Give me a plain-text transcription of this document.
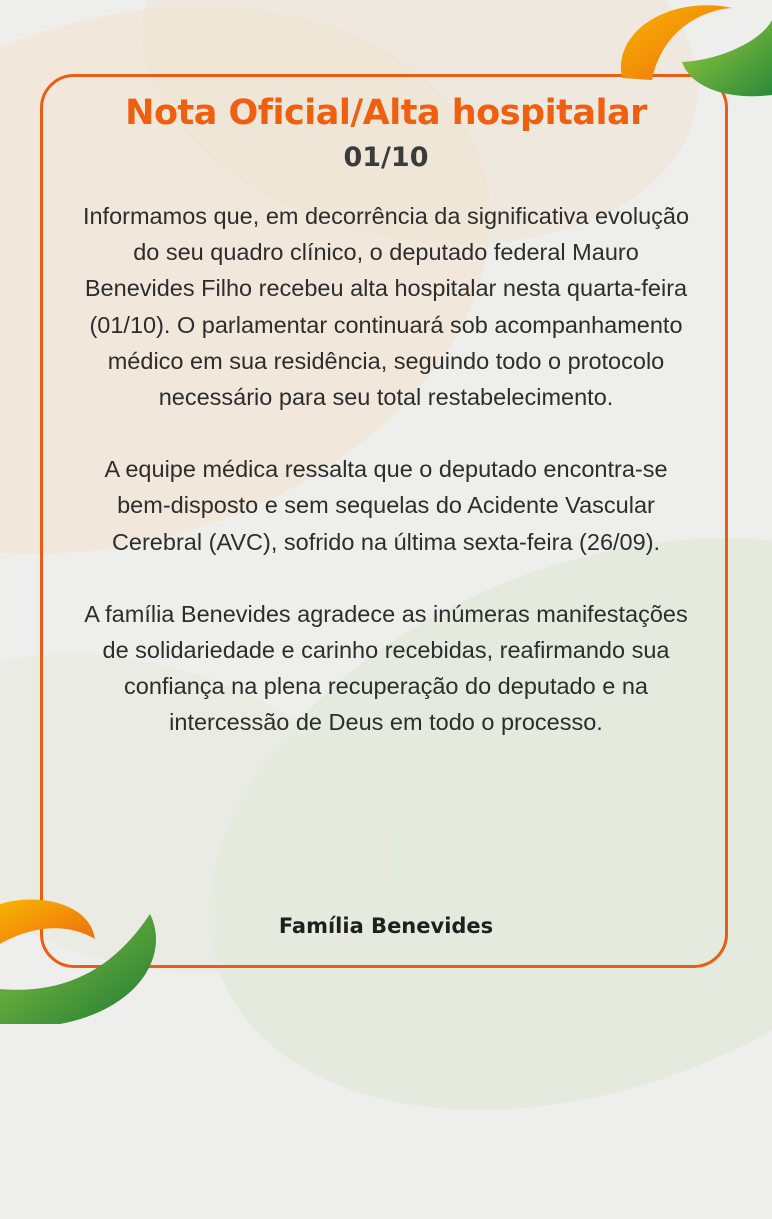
Nota Oficial/Alta hospitalar
01/10

Informamos que, em decorrência da significativa evolução do seu quadro clínico, o deputado federal Mauro Benevides Filho recebeu alta hospitalar nesta quarta-feira (01/10). O parlamentar continuará sob acompanhamento médico em sua residência, seguindo todo o protocolo necessário para seu total restabelecimento.

A equipe médica ressalta que o deputado encontra-se bem-disposto e sem sequelas do Acidente Vascular Cerebral (AVC), sofrido na última sexta-feira (26/09).

A família Benevides agradece as inúmeras manifestações de solidariedade e carinho recebidas, reafirmando sua confiança na plena recuperação do deputado e na intercessão de Deus em todo o processo.

Família Benevides
